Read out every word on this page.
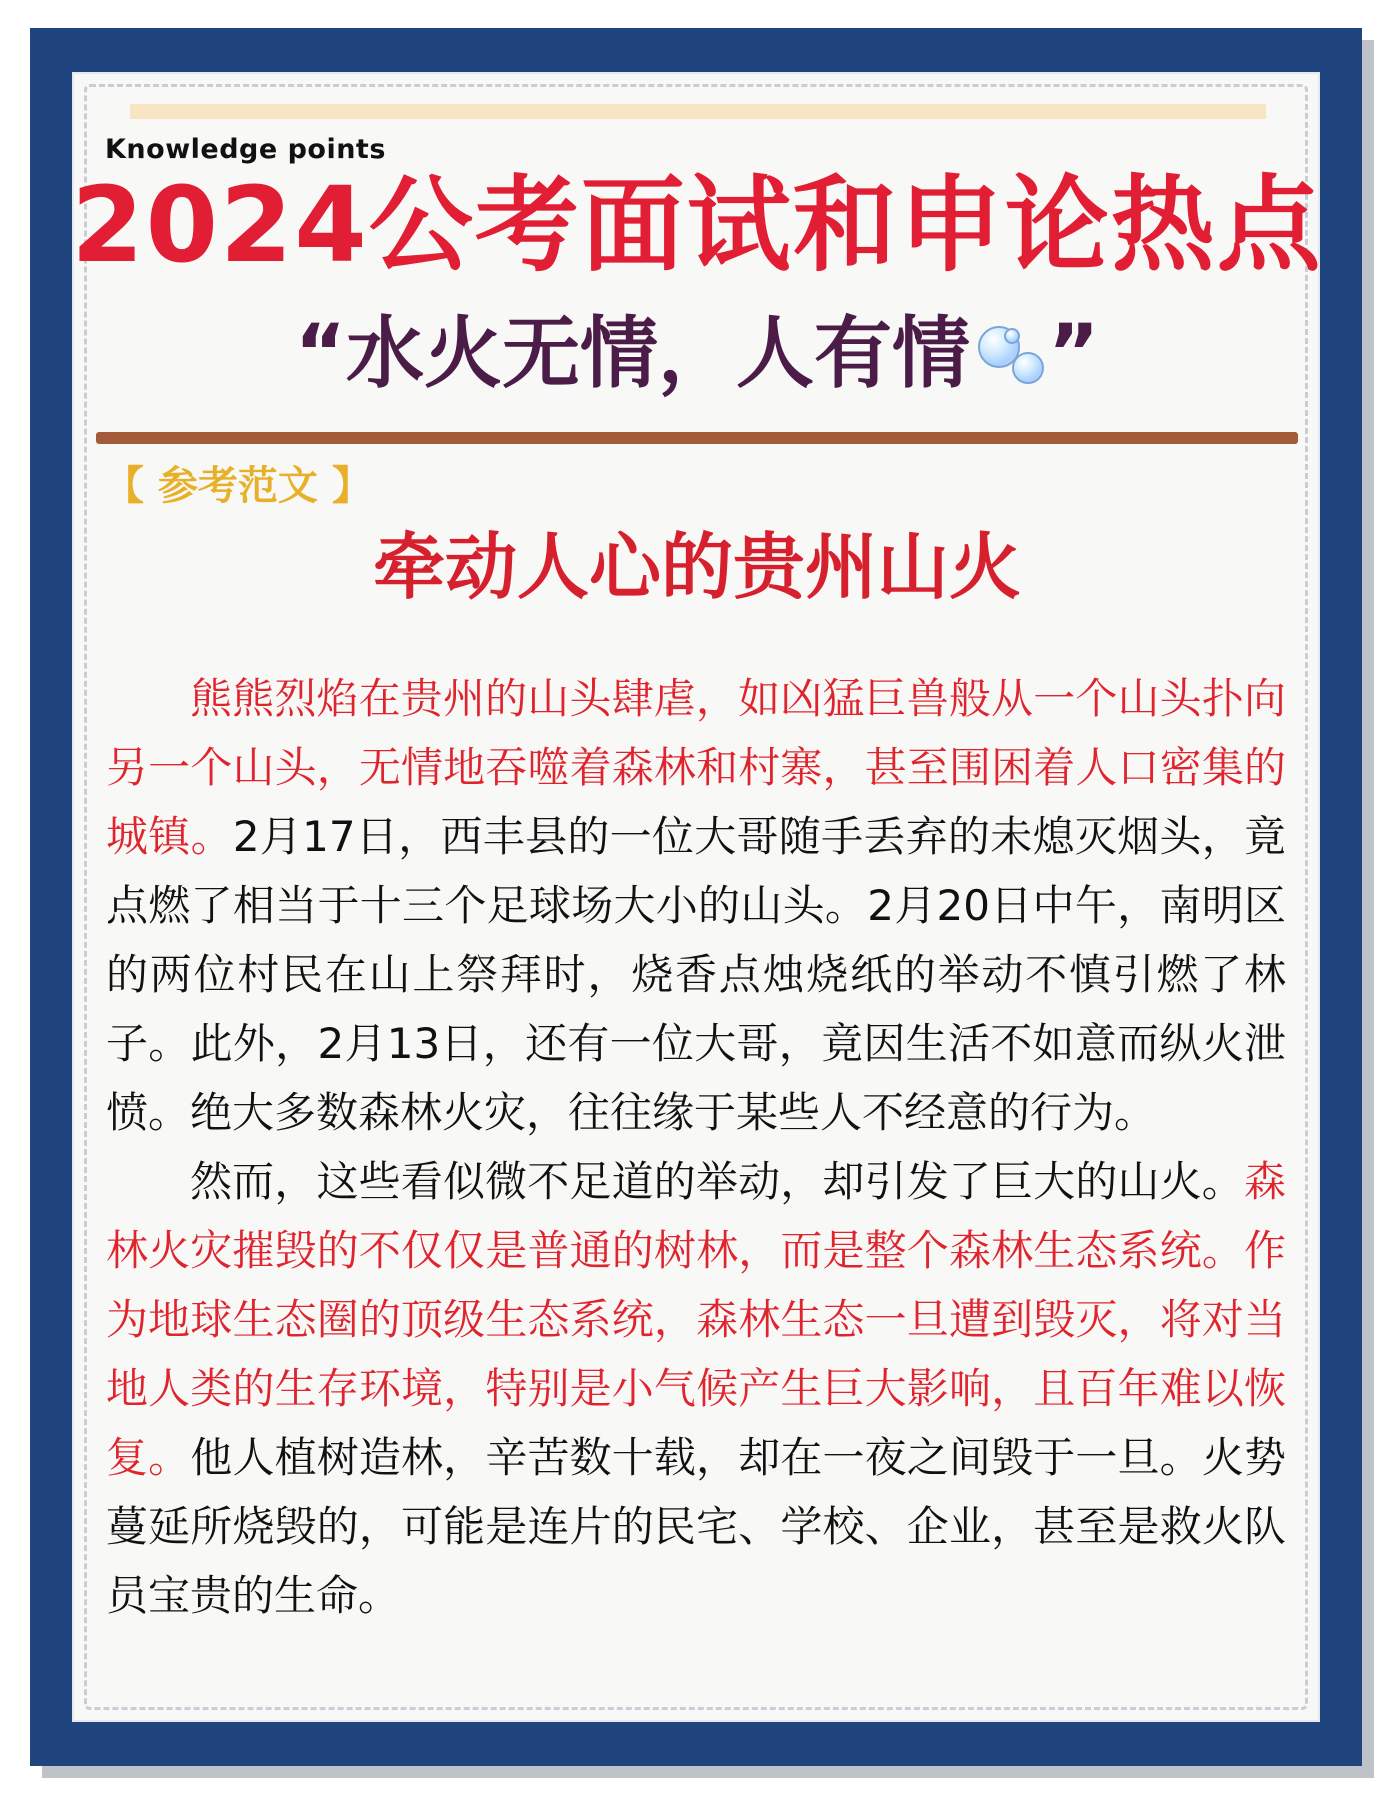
Knowledge points
2024公考面试和申论热点
“水火无情，人有情 ”
【 参考范文 】
牵动人心的贵州山火

熊熊烈焰在贵州的山头肆虐，如凶猛巨兽般从一个山头扑向另一个山头，无情地吞噬着森林和村寨，甚至围困着人口密集的城镇。2月17日，西丰县的一位大哥随手丢弃的未熄灭烟头，竟点燃了相当于十三个足球场大小的山头。2月20日中午，南明区的两位村民在山上祭拜时，烧香点烛烧纸的举动不慎引燃了林子。此外，2月13日，还有一位大哥，竟因生活不如意而纵火泄愤。绝大多数森林火灾，往往缘于某些人不经意的行为。

然而，这些看似微不足道的举动，却引发了巨大的山火。森林火灾摧毁的不仅仅是普通的树林，而是整个森林生态系统。作为地球生态圈的顶级生态系统，森林生态一旦遭到毁灭，将对当地人类的生存环境，特别是小气候产生巨大影响，且百年难以恢复。他人植树造林，辛苦数十载，却在一夜之间毁于一旦。火势蔓延所烧毁的，可能是连片的民宅、学校、企业，甚至是救火队员宝贵的生命。
